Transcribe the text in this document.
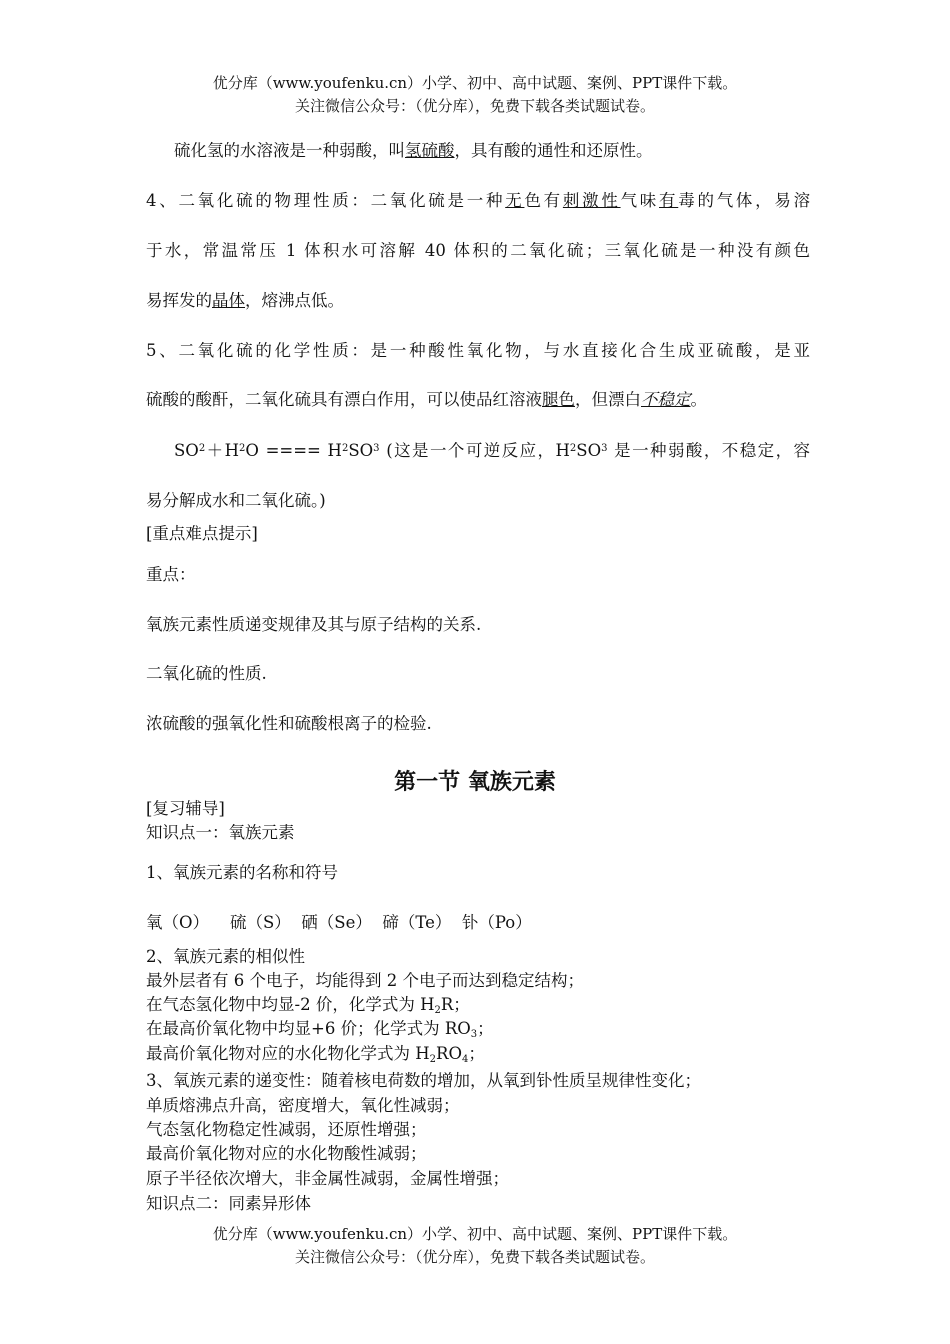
优分库（www.youfenku.cn）小学、初中、高中试题、案例、PPT课件下载。
关注微信公众号：（优分库），免费下载各类试题试卷。
硫化氢的水溶液是一种弱酸，叫氢硫酸，具有酸的通性和还原性。
4、二氧化硫的物理性质：二氧化硫是一种无色有刺激性气味有毒的气体，易溶
于水，常温常压 1 体积水可溶解 40 体积的二氧化硫；三氧化硫是一种没有颜色
易挥发的晶体，熔沸点低。
5、二氧化硫的化学性质：是一种酸性氧化物，与水直接化合生成亚硫酸，是亚
硫酸的酸酐，二氧化硫具有漂白作用，可以使品红溶液腿色，但漂白不稳定。
$SO^2+H^2O$ ==== $H^2SO^3$ (这是一个可逆反应，$H^2SO^3$ 是一种弱酸，不稳定，容
易分解成水和二氧化硫。)
[重点难点提示]
重点：
氧族元素性质递变规律及其与原子结构的关系.
二氧化硫的性质.
浓硫酸的强氧化性和硫酸根离子的检验.
第一节 氧族元素
[复习辅导]
知识点一：氧族元素
1、氧族元素的名称和符号
氧（O）    硫（S）  硒（Se）  碲（Te）  钋（Po）
2、氧族元素的相似性
最外层者有 6 个电子，均能得到 2 个电子而达到稳定结构；
在气态氢化物中均显-2 价，化学式为 $H_2R$；
在最高价氧化物中均显+6 价；化学式为 $RO_3$；
最高价氧化物对应的水化物化学式为 $H_2RO_4$；
3、氧族元素的递变性：随着核电荷数的增加，从氧到钋性质呈规律性变化；
单质熔沸点升高，密度增大，氧化性减弱；
气态氢化物稳定性减弱，还原性增强；
最高价氧化物对应的水化物酸性减弱；
原子半径依次增大，非金属性减弱，金属性增强；
知识点二：同素异形体
优分库（www.youfenku.cn）小学、初中、高中试题、案例、PPT课件下载。
关注微信公众号：（优分库），免费下载各类试题试卷。
